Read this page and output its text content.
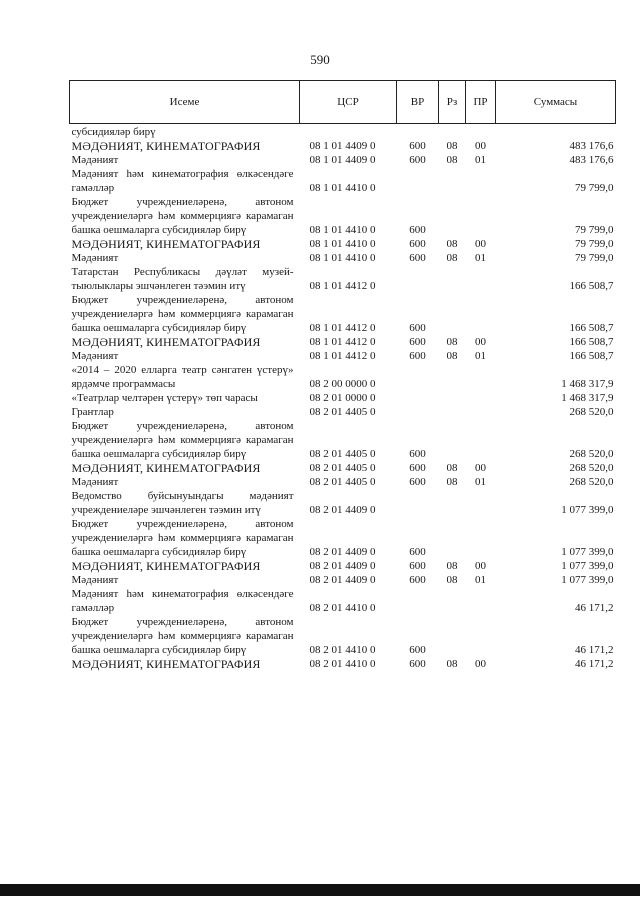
590
Исеме	ЦСР	ВР	Рз	ПР	Суммасы
субсидияләр бирү					
МӘДӘНИЯТ, КИНЕМАТОГРАФИЯ	08 1 01 4409 0	600	08	00	483 176,6
Мәдәният	08 1 01 4409 0	600	08	01	483 176,6
Мәдәният һәм кинематография өлкәсендәге гамәлләр	08 1 01 4410 0				79 799,0
Бюджет учреждениеләренә, автоном учреждениеләргә һәм коммерциягә карамаган башка оешмаларга субсидияләр бирү	08 1 01 4410 0	600			79 799,0
МӘДӘНИЯТ, КИНЕМАТОГРАФИЯ	08 1 01 4410 0	600	08	00	79 799,0
Мәдәният	08 1 01 4410 0	600	08	01	79 799,0
Татарстан Республикасы дәүләт музей-тыюлыклары эшчәнлеген тәэмин итү	08 1 01 4412 0				166 508,7
Бюджет учреждениеләренә, автоном учреждениеләргә һәм коммерциягә карамаган башка оешмаларга субсидияләр бирү	08 1 01 4412 0	600			166 508,7
МӘДӘНИЯТ, КИНЕМАТОГРАФИЯ	08 1 01 4412 0	600	08	00	166 508,7
Мәдәният	08 1 01 4412 0	600	08	01	166 508,7
«2014 – 2020 елларга театр сәнгатен үстерү» ярдәмче программасы	08 2 00 0000 0				1 468 317,9
«Театрлар челтәрен үстерү» төп чарасы	08 2 01 0000 0				1 468 317,9
Грантлар	08 2 01 4405 0				268 520,0
Бюджет учреждениеләренә, автоном учреждениеләргә һәм коммерциягә карамаган башка оешмаларга субсидияләр бирү	08 2 01 4405 0	600			268 520,0
МӘДӘНИЯТ, КИНЕМАТОГРАФИЯ	08 2 01 4405 0	600	08	00	268 520,0
Мәдәният	08 2 01 4405 0	600	08	01	268 520,0
Ведомство буйсынуындагы мәдәният учреждениеләре эшчәнлеген тәэмин итү	08 2 01 4409 0				1 077 399,0
Бюджет учреждениеләренә, автоном учреждениеләргә һәм коммерциягә карамаган башка оешмаларга субсидияләр бирү	08 2 01 4409 0	600			1 077 399,0
МӘДӘНИЯТ, КИНЕМАТОГРАФИЯ	08 2 01 4409 0	600	08	00	1 077 399,0
Мәдәният	08 2 01 4409 0	600	08	01	1 077 399,0
Мәдәният һәм кинематография өлкәсендәге гамәлләр	08 2 01 4410 0				46 171,2
Бюджет учреждениеләренә, автоном учреждениеләргә һәм коммерциягә карамаган башка оешмаларга субсидияләр бирү	08 2 01 4410 0	600			46 171,2
МӘДӘНИЯТ, КИНЕМАТОГРАФИЯ	08 2 01 4410 0	600	08	00	46 171,2
